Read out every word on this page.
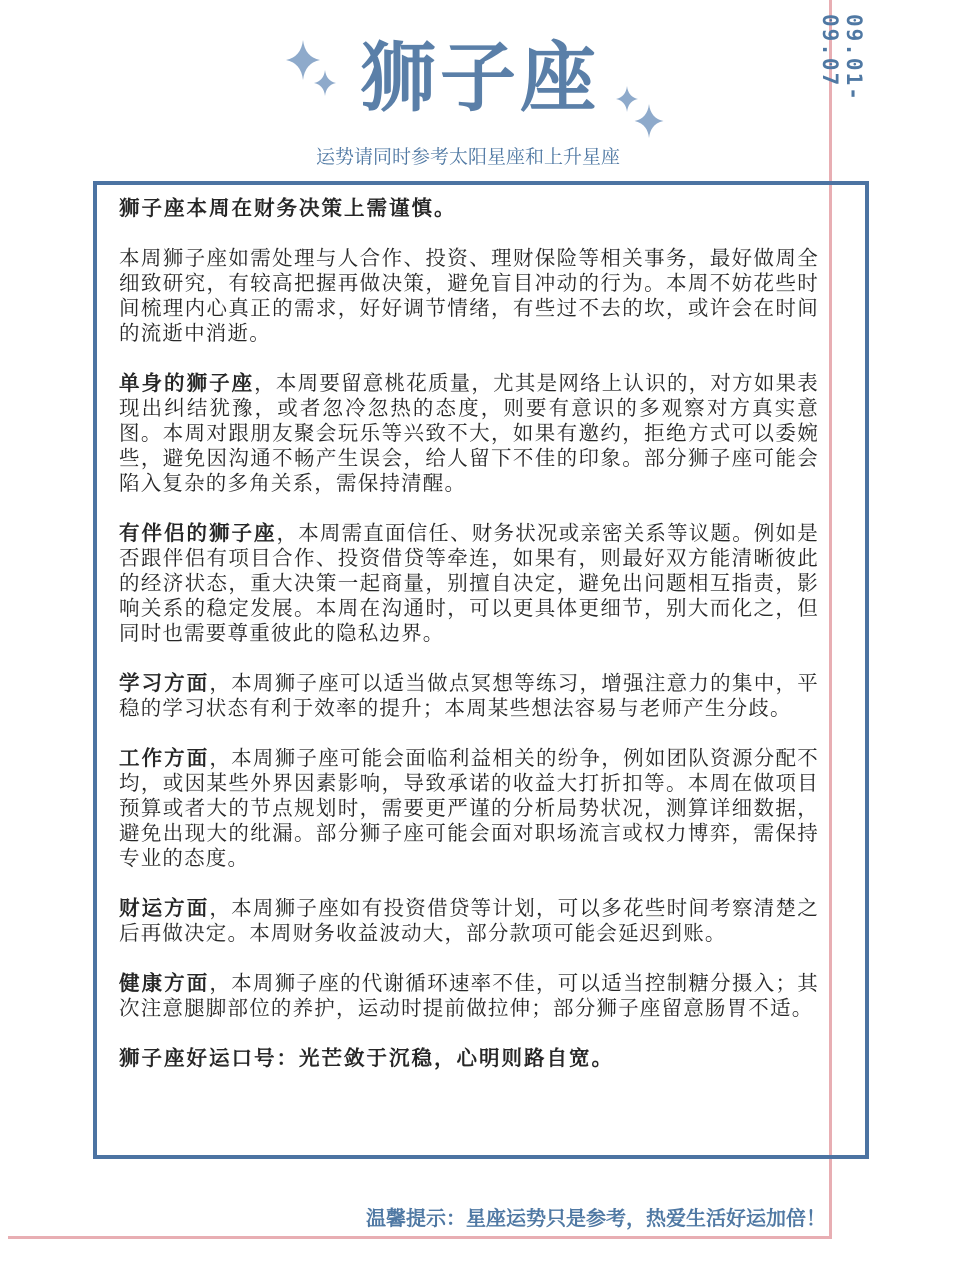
狮子座
运势请同时参考太阳星座和上升星座
09.01-09.07

狮子座本周在财务决策上需谨慎。

本周狮子座如需处理与人合作、投资、理财保险等相关事务，最好做周全细致研究，有较高把握再做决策，避免盲目冲动的行为。本周不妨花些时间梳理内心真正的需求，好好调节情绪，有些过不去的坎，或许会在时间的流逝中消逝。

单身的狮子座，本周要留意桃花质量，尤其是网络上认识的，对方如果表现出纠结犹豫，或者忽冷忽热的态度，则要有意识的多观察对方真实意图。本周对跟朋友聚会玩乐等兴致不大，如果有邀约，拒绝方式可以委婉些，避免因沟通不畅产生误会，给人留下不佳的印象。部分狮子座可能会陷入复杂的多角关系，需保持清醒。

有伴侣的狮子座，本周需直面信任、财务状况或亲密关系等议题。例如是否跟伴侣有项目合作、投资借贷等牵连，如果有，则最好双方能清晰彼此的经济状态，重大决策一起商量，别擅自决定，避免出问题相互指责，影响关系的稳定发展。本周在沟通时，可以更具体更细节，别大而化之，但同时也需要尊重彼此的隐私边界。

学习方面，本周狮子座可以适当做点冥想等练习，增强注意力的集中，平稳的学习状态有利于效率的提升；本周某些想法容易与老师产生分歧。

工作方面，本周狮子座可能会面临利益相关的纷争，例如团队资源分配不均，或因某些外界因素影响，导致承诺的收益大打折扣等。本周在做项目预算或者大的节点规划时，需要更严谨的分析局势状况，测算详细数据，避免出现大的纰漏。部分狮子座可能会面对职场流言或权力博弈，需保持专业的态度。

财运方面，本周狮子座如有投资借贷等计划，可以多花些时间考察清楚之后再做决定。本周财务收益波动大，部分款项可能会延迟到账。

健康方面，本周狮子座的代谢循环速率不佳，可以适当控制糖分摄入；其次注意腿脚部位的养护，运动时提前做拉伸；部分狮子座留意肠胃不适。

狮子座好运口号：光芒敛于沉稳，心明则路自宽。

温馨提示：星座运势只是参考，热爱生活好运加倍！
